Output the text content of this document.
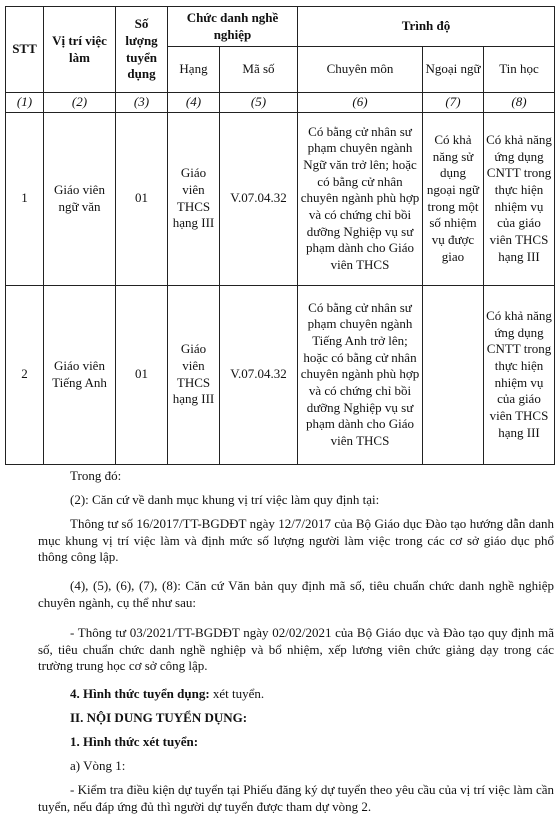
STT	Vị trí việc làm	Số lượng tuyển dụng	Chức danh nghề nghiệp		Trình độ		
			Hạng	Mã số	Chuyên môn	Ngoại ngữ	Tin học
(1)	(2)	(3)	(4)	(5)	(6)	(7)	(8)
1	Giáo viên ngữ văn	01	Giáo viên THCS hạng III	V.07.04.32	Có bằng cử nhân sư phạm chuyên ngành Ngữ văn trở lên; hoặc có bằng cử nhân chuyên ngành phù hợp và có chứng chỉ bồi dưỡng Nghiệp vụ sư phạm dành cho Giáo viên THCS	Có khả năng sử dụng ngoại ngữ trong một số nhiệm vụ được giao	Có khả năng ứng dụng CNTT trong thực hiện nhiệm vụ của giáo viên THCS hạng III
2	Giáo viên Tiếng Anh	01	Giáo viên THCS hạng III	V.07.04.32	Có bằng cử nhân sư phạm chuyên ngành Tiếng Anh trở lên; hoặc có bằng cử nhân chuyên ngành phù hợp và có chứng chỉ bồi dưỡng Nghiệp vụ sư phạm dành cho Giáo viên THCS		Có khả năng ứng dụng CNTT trong thực hiện nhiệm vụ của giáo viên THCS hạng III

Trong đó:

(2): Căn cứ về danh mục khung vị trí việc làm quy định tại:

Thông tư số 16/2017/TT-BGDĐT ngày 12/7/2017 của Bộ Giáo dục Đào tạo hướng dẫn danh mục khung vị trí việc làm và định mức số lượng người làm việc trong các cơ sở giáo dục phổ thông công lập.

(4), (5), (6), (7), (8): Căn cứ Văn bản quy định mã số, tiêu chuẩn chức danh nghề nghiệp chuyên ngành, cụ thể như sau:

- Thông tư 03/2021/TT-BGDĐT ngày 02/02/2021 của Bộ Giáo dục và Đào tạo quy định mã số, tiêu chuẩn chức danh nghề nghiệp và bổ nhiệm, xếp lương viên chức giảng dạy trong các trường trung học cơ sở công lập.

4. Hình thức tuyển dụng: xét tuyển.

II. NỘI DUNG TUYỂN DỤNG:

1. Hình thức xét tuyển:

a) Vòng 1:

- Kiểm tra điều kiện dự tuyển tại Phiếu đăng ký dự tuyển theo yêu cầu của vị trí việc làm cần tuyển, nếu đáp ứng đủ thì người dự tuyển được tham dự vòng 2.
